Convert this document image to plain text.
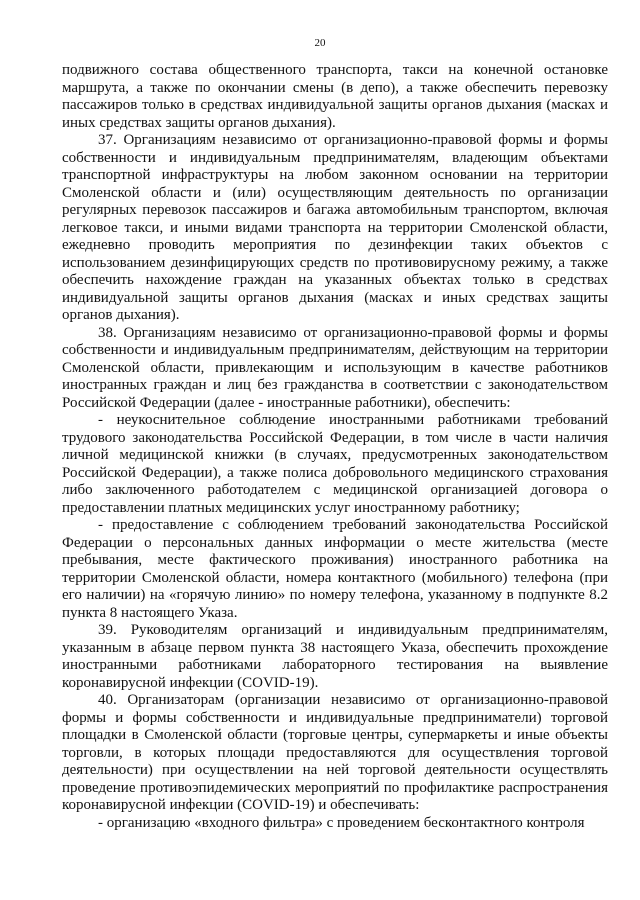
20

подвижного состава общественного транспорта, такси на конечной остановке маршрута, а также по окончании смены (в депо), а также обеспечить перевозку пассажиров только в средствах индивидуальной защиты органов дыхания (масках и иных средствах защиты органов дыхания).

37. Организациям независимо от организационно-правовой формы и формы собственности и индивидуальным предпринимателям, владеющим объектами транспортной инфраструктуры на любом законном основании на территории Смоленской области и (или) осуществляющим деятельность по организации регулярных перевозок пассажиров и багажа автомобильным транспортом, включая легковое такси, и иными видами транспорта на территории Смоленской области, ежедневно проводить мероприятия по дезинфекции таких объектов с использованием дезинфицирующих средств по противовирусному режиму, а также обеспечить нахождение граждан на указанных объектах только в средствах индивидуальной защиты органов дыхания (масках и иных средствах защиты органов дыхания).

38. Организациям независимо от организационно-правовой формы и формы собственности и индивидуальным предпринимателям, действующим на территории Смоленской области, привлекающим и использующим в качестве работников иностранных граждан и лиц без гражданства в соответствии с законодательством Российской Федерации (далее - иностранные работники), обеспечить:

- неукоснительное соблюдение иностранными работниками требований трудового законодательства Российской Федерации, в том числе в части наличия личной медицинской книжки (в случаях, предусмотренных законодательством Российской Федерации), а также полиса добровольного медицинского страхования либо заключенного работодателем с медицинской организацией договора о предоставлении платных медицинских услуг иностранному работнику;

- предоставление с соблюдением требований законодательства Российской Федерации о персональных данных информации о месте жительства (месте пребывания, месте фактического проживания) иностранного работника на территории Смоленской области, номера контактного (мобильного) телефона (при его наличии) на «горячую линию» по номеру телефона, указанному в подпункте 8.2 пункта 8 настоящего Указа.

39. Руководителям организаций и индивидуальным предпринимателям, указанным в абзаце первом пункта 38 настоящего Указа, обеспечить прохождение иностранными работниками лабораторного тестирования на выявление коронавирусной инфекции (COVID-19).

40. Организаторам (организации независимо от организационно-правовой формы и формы собственности и индивидуальные предприниматели) торговой площадки в Смоленской области (торговые центры, супермаркеты и иные объекты торговли, в которых площади предоставляются для осуществления торговой деятельности) при осуществлении на ней торговой деятельности осуществлять проведение противоэпидемических мероприятий по профилактике распространения коронавирусной инфекции (COVID-19) и обеспечивать:

- организацию «входного фильтра» с проведением бесконтактного контроля
